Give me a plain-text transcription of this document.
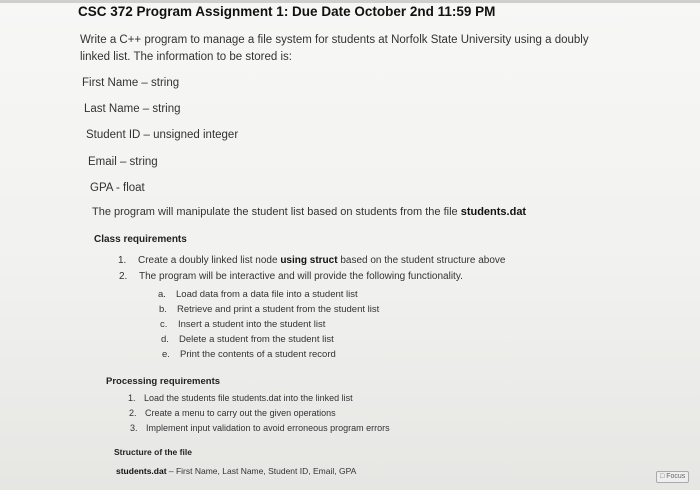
CSC 372 Program Assignment 1: Due Date October 2nd 11:59 PM
Write a C++ program to manage a file system for students at Norfolk State University using a doubly linked list. The information to be stored is:
First Name – string
Last Name – string
Student ID – unsigned integer
Email – string
GPA - float
The program will manipulate the student list based on students from the file students.dat
Class requirements
1. Create a doubly linked list node using struct based on the student structure above
2. The program will be interactive and will provide the following functionality.
a. Load data from a data file into a student list
b. Retrieve and print a student from the student list
c. Insert a student into the student list
d. Delete a student from the student list
e. Print the contents of a student record
Processing requirements
1. Load the students file students.dat into the linked list
2. Create a menu to carry out the given operations
3. Implement input validation to avoid erroneous program errors
Structure of the file
students.dat – First Name, Last Name, Student ID, Email, GPA
□ Focus
